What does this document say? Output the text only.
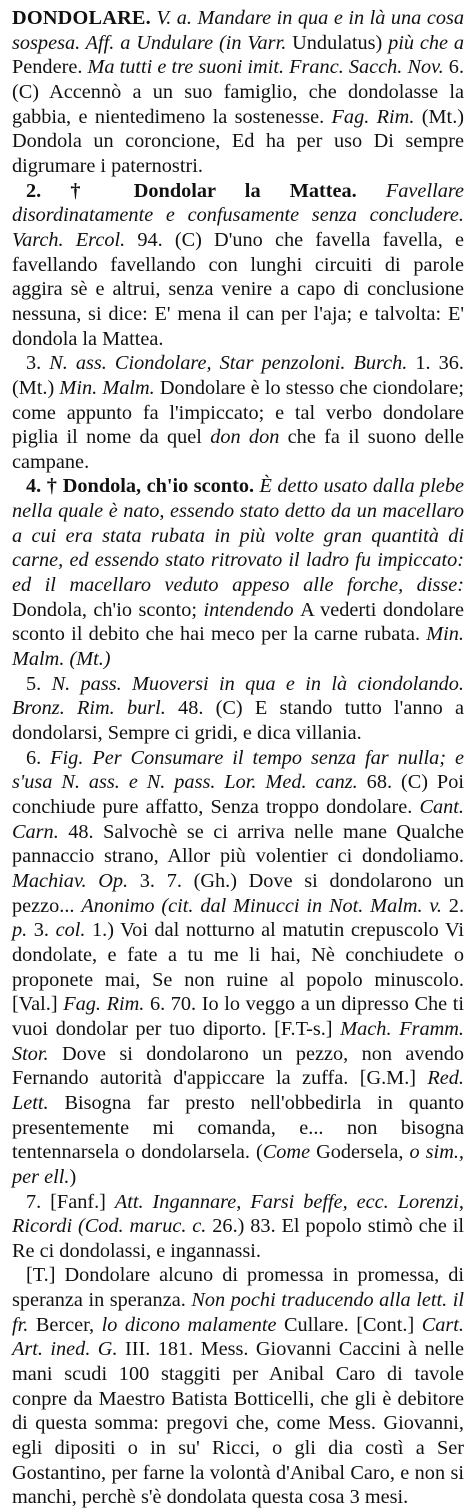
DONDOLARE. V. a. Mandare in qua e in là una cosa sospesa. Aff. a Undulare (in Varr. Undulatus) più che a Pendere. Ma tutti e tre suoni imit. Franc. Sacch. Nov. 6. (C) Accennò a un suo famiglio, che dondolasse la gabbia, e nientedimeno la sostenesse. Fag. Rim. (Mt.) Dondola un coroncione, Ed ha per uso Di sempre digrumare i paternostri.

2. † Dondolar la Mattea. Favellare disordinatamente e confusamente senza concludere. Varch. Ercol. 94. (C) D'uno che favella favella, e favellando favellando con lunghi circuiti di parole aggira sè e altrui, senza venire a capo di conclusione nessuna, si dice: E' mena il can per l'aja; e talvolta: E' dondola la Mattea.

3. N. ass. Ciondolare, Star penzoloni. Burch. 1. 36. (Mt.) Min. Malm. Dondolare è lo stesso che ciondolare; come appunto fa l'impiccato; e tal verbo dondolare piglia il nome da quel don don che fa il suono delle campane.

4. † Dondola, ch'io sconto. È detto usato dalla plebe nella quale è nato, essendo stato detto da un macellaro a cui era stata rubata in più volte gran quantità di carne, ed essendo stato ritrovato il ladro fu impiccato: ed il macellaro veduto appeso alle forche, disse: Dondola, ch'io sconto; intendendo A vederti dondolare sconto il debito che hai meco per la carne rubata. Min. Malm. (Mt.)

5. N. pass. Muoversi in qua e in là ciondolando. Bronz. Rim. burl. 48. (C) E stando tutto l'anno a dondolarsi, Sempre ci gridi, e dica villania.

6. Fig. Per Consumare il tempo senza far nulla; e s'usa N. ass. e N. pass. Lor. Med. canz. 68. (C) Poi conchiude pure affatto, Senza troppo dondolare. Cant. Carn. 48. Salvochè se ci arriva nelle mane Qualche pannaccio strano, Allor più volentier ci dondoliamo. Machiav. Op. 3. 7. (Gh.) Dove si dondolarono un pezzo... Anonimo (cit. dal Minucci in Not. Malm. v. 2. p. 3. col. 1.) Voi dal notturno al matutin crepuscolo Vi dondolate, e fate a tu me li hai, Nè conchiudete o proponete mai, Se non ruine al popolo minuscolo. [Val.] Fag. Rim. 6. 70. Io lo veggo a un dipresso Che ti vuoi dondolar per tuo diporto. [F.T-s.] Mach. Framm. Stor. Dove si dondolarono un pezzo, non avendo Fernando autorità d'appiccare la zuffa. [G.M.] Red. Lett. Bisogna far presto nell'obbedirla in quanto presentemente mi comanda, e... non bisogna tentennarsela o dondolarsela. (Come Godersela, o sim., per ell.)

7. [Fanf.] Att. Ingannare, Farsi beffe, ecc. Lorenzi, Ricordi (Cod. maruc. c. 26.) 83. El popolo stimò che il Re ci dondolassi, e ingannassi.

[T.] Dondolare alcuno di promessa in promessa, di speranza in speranza. Non pochi traducendo alla lett. il fr. Bercer, lo dicono malamente Cullare. [Cont.] Cart. Art. ined. G. III. 181. Mess. Giovanni Caccini à nelle mani scudi 100 staggiti per Anibal Caro di tavole conpre da Maestro Batista Botticelli, che gli è debitore di questa somma: pregovi che, come Mess. Giovanni, egli dipositi o in su' Ricci, o gli dia costì a Ser Gostantino, per farne la volontà d'Anibal Caro, e non si manchi, perchè s'è dondolata questa cosa 3 mesi.
